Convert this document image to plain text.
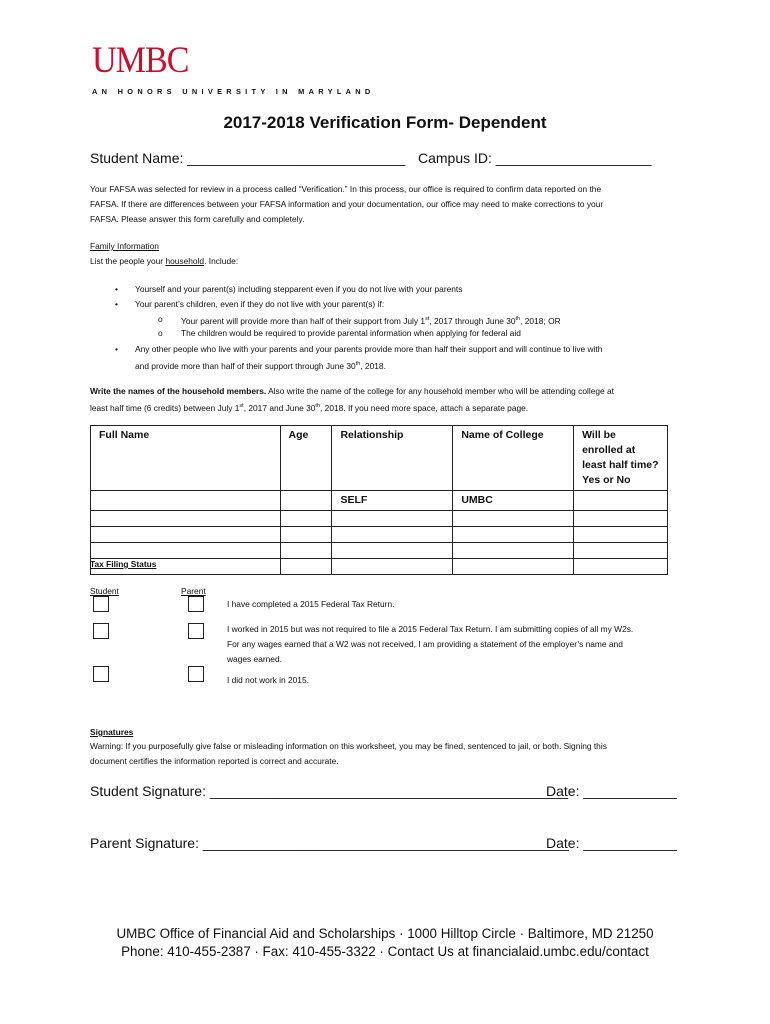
UMBC
AN HONORS UNIVERSITY IN MARYLAND
2017-2018 Verification Form- Dependent
Student Name: ____________________________ Campus ID: ____________________
Your FAFSA was selected for review in a process called “Verification.” In this process, our office is required to confirm data reported on the
FAFSA. If there are differences between your FAFSA information and your documentation, our office may need to make corrections to your
FAFSA. Please answer this form carefully and completely.
Family Information
List the people your household. Include:
• Yourself and your parent(s) including stepparent even if you do not live with your parents
• Your parent’s children, even if they do not live with your parent(s) if:
o Your parent will provide more than half of their support from July 1st, 2017 through June 30th, 2018; OR
o The children would be required to provide parental information when applying for federal aid
• Any other people who live with your parents and your parents provide more than half their support and will continue to live with
and provide more than half of their support through June 30th, 2018.
Write the names of the household members. Also write the name of the college for any household member who will be attending college at
least half time (6 credits) between July 1st, 2017 and June 30th, 2018. If you need more space, attach a separate page.
Full Name	Age	Relationship	Name of College	Will be enrolled at
least half time?
Yes or No

		SELF	UMBC	

Tax Filing Status
Student	Parent
I have completed a 2015 Federal Tax Return.
I worked in 2015 but was not required to file a 2015 Federal Tax Return. I am submitting copies of all my W2s.
For any wages earned that a W2 was not received, I am providing a statement of the employer’s name and
wages earned.
I did not work in 2015.
Signatures
Warning: If you purposefully give false or misleading information on this worksheet, you may be fined, sentenced to jail, or both. Signing this
document certifies the information reported is correct and accurate.
Student Signature: ______________________________________________
Date: ____________
Parent Signature: _______________________________________________
Date: ____________
UMBC Office of Financial Aid and Scholarships · 1000 Hilltop Circle · Baltimore, MD 21250
Phone: 410-455-2387 · Fax: 410-455-3322 · Contact Us at financialaid.umbc.edu/contact
